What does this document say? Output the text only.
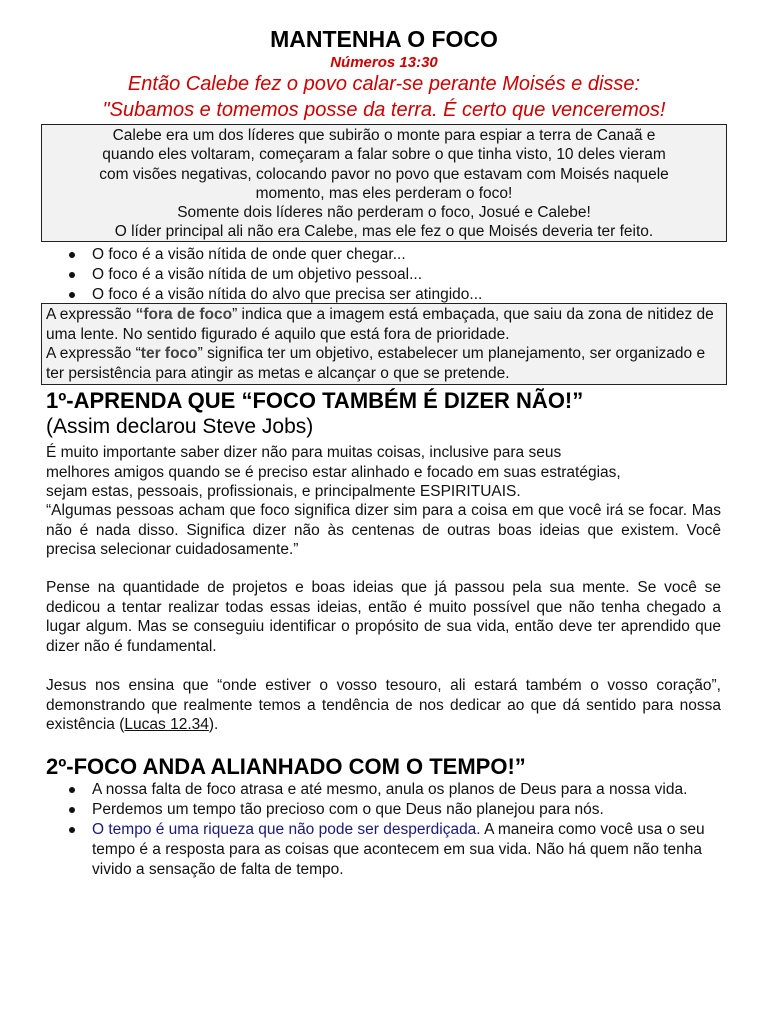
MANTENHA O FOCO
Números 13:30
Então Calebe fez o povo calar-se perante Moisés e disse:
"Subamos e tomemos posse da terra. É certo que venceremos!
Calebe era um dos líderes que subirão o monte para espiar a terra de Canaã e
quando eles voltaram, começaram a falar sobre o que tinha visto, 10 deles vieram
com visões negativas, colocando pavor no povo que estavam com Moisés naquele
momento, mas eles perderam o foco!
Somente dois líderes não perderam o foco, Josué e Calebe!
O líder principal ali não era Calebe, mas ele fez o que Moisés deveria ter feito.
O foco é a visão nítida de onde quer chegar...
O foco é a visão nítida de um objetivo pessoal...
O foco é a visão nítida do alvo que precisa ser atingido...
A expressão “fora de foco” indica que a imagem está embaçada, que saiu da zona de nitidez de uma lente. No sentido figurado é aquilo que está fora de prioridade.
A expressão “ter foco” significa ter um objetivo, estabelecer um planejamento, ser organizado e ter persistência para atingir as metas e alcançar o que se pretende.
1º-APRENDA QUE “FOCO TAMBÉM É DIZER NÃO!”
(Assim declarou Steve Jobs)
É muito importante saber dizer não para muitas coisas, inclusive para seus
melhores amigos quando se é preciso estar alinhado e focado em suas estratégias,
sejam estas, pessoais, profissionais, e principalmente ESPIRITUAIS.
“Algumas pessoas acham que foco significa dizer sim para a coisa em que você irá se focar. Mas não é nada disso. Significa dizer não às centenas de outras boas ideias que existem. Você precisa selecionar cuidadosamente.”
Pense na quantidade de projetos e boas ideias que já passou pela sua mente. Se você se dedicou a tentar realizar todas essas ideias, então é muito possível que não tenha chegado a lugar algum. Mas se conseguiu identificar o propósito de sua vida, então deve ter aprendido que dizer não é fundamental.
Jesus nos ensina que “onde estiver o vosso tesouro, ali estará também o vosso coração”, demonstrando que realmente temos a tendência de nos dedicar ao que dá sentido para nossa existência (Lucas 12.34).
2º-FOCO ANDA ALIANHADO COM O TEMPO!”
A nossa falta de foco atrasa e até mesmo, anula os planos de Deus para a nossa vida.
Perdemos um tempo tão precioso com o que Deus não planejou para nós.
O tempo é uma riqueza que não pode ser desperdiçada. A maneira como você usa o seu tempo é a resposta para as coisas que acontecem em sua vida. Não há quem não tenha vivido a sensação de falta de tempo.
